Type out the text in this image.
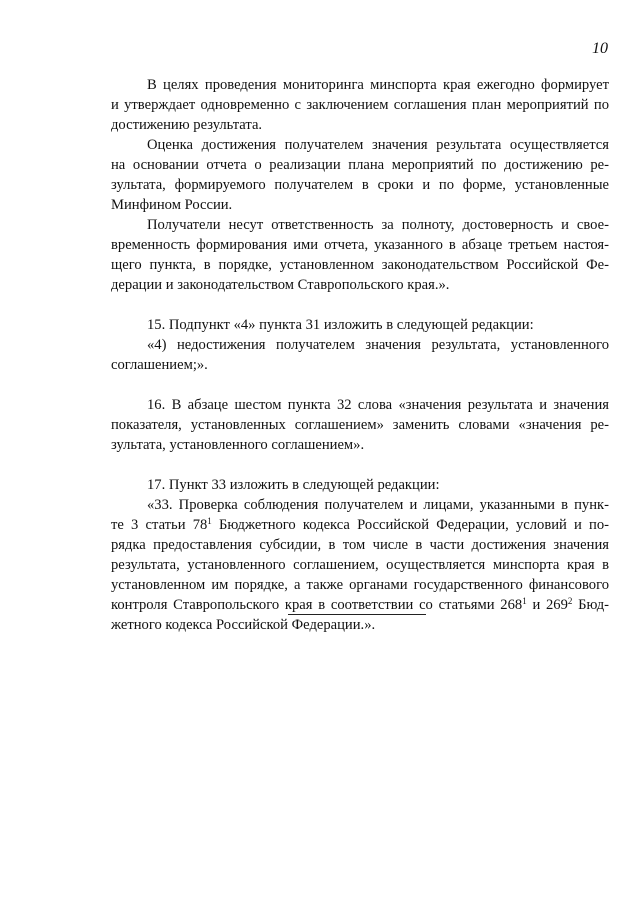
10

В целях проведения мониторинга минспорта края ежегодно формирует
и утверждает одновременно с заключением соглашения план мероприятий по
достижению результата.

Оценка достижения получателем значения результата осуществляется
на основании отчета о реализации плана мероприятий по достижению ре-
зультата, формируемого получателем в сроки и по форме, установленные
Минфином России.

Получатели несут ответственность за полноту, достоверность и свое-
временность формирования ими отчета, указанного в абзаце третьем настоя-
щего пункта, в порядке, установленном законодательством Российской Фе-
дерации и законодательством Ставропольского края.».

15. Подпункт «4» пункта 31 изложить в следующей редакции:

«4) недостижения получателем значения результата, установленного
соглашением;».

16. В абзаце шестом пункта 32 слова «значения результата и значения
показателя, установленных соглашением» заменить словами «значения ре-
зультата, установленного соглашением».

17. Пункт 33 изложить в следующей редакции:

«33. Проверка соблюдения получателем и лицами, указанными в пунк-
те 3 статьи $78^1$ Бюджетного кодекса Российской Федерации, условий и по-
рядка предоставления субсидии, в том числе в части достижения значения
результата, установленного соглашением, осуществляется минспорта края в
установленном им порядке, а также органами государственного финансового
контроля Ставропольского края в соответствии со статьями $268^1$ и $269^2$ Бюд-
жетного кодекса Российской Федерации.».
